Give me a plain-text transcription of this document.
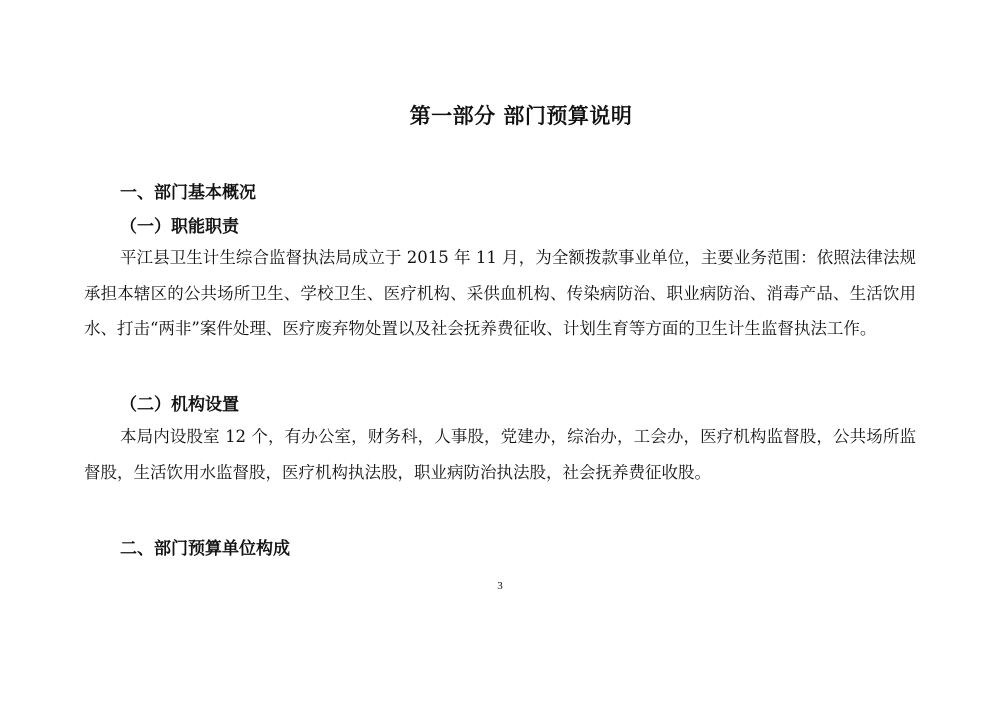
第一部分 部门预算说明
一、部门基本概况
（一）职能职责

平江县卫生计生综合监督执法局成立于 2015 年 11 月，为全额拨款事业单位，主要业务范围：依照法律法规承担本辖区的公共场所卫生、学校卫生、医疗机构、采供血机构、传染病防治、职业病防治、消毒产品、生活饮用水、打击“两非”案件处理、医疗废弃物处置以及社会抚养费征收、计划生育等方面的卫生计生监督执法工作。

（二）机构设置

本局内设股室 12 个，有办公室，财务科，人事股，党建办，综治办，工会办，医疗机构监督股，公共场所监督股，生活饮用水监督股，医疗机构执法股，职业病防治执法股，社会抚养费征收股。

二、部门预算单位构成
3
